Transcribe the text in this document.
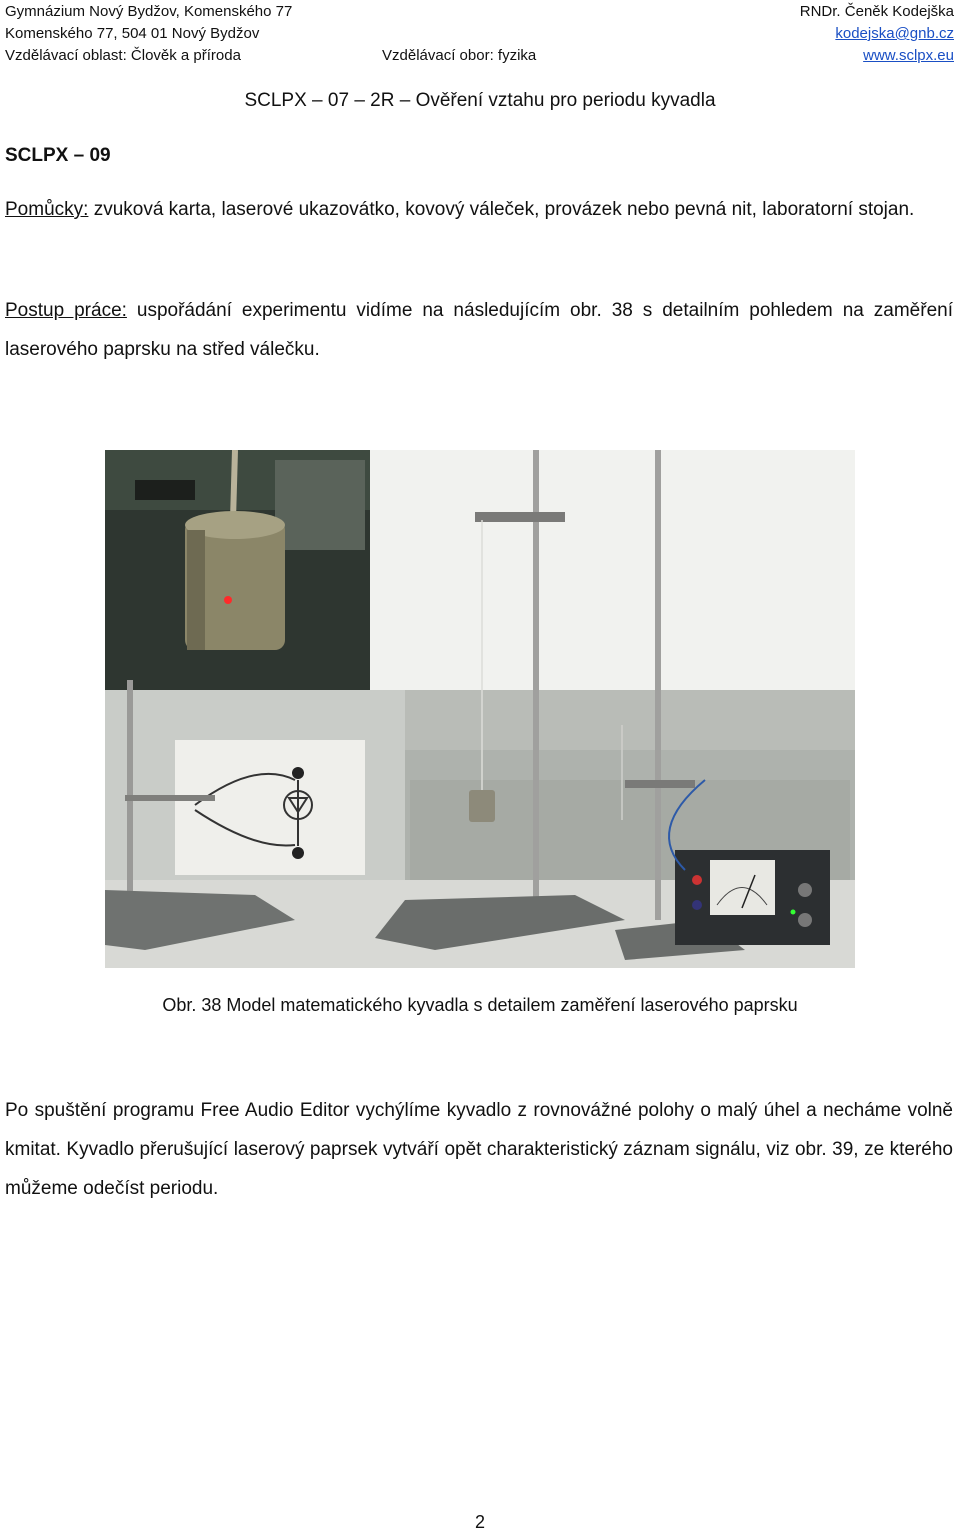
Gymnázium Nový Bydžov, Komenského 77
Komenského 77, 504 01 Nový Bydžov
Vzdělávací oblast: Člověk a příroda	Vzdělávací obor: fyzika
RNDr. Čeněk Kodejška
kodejska@gnb.cz
www.sclpx.eu
SCLPX – 07 – 2R – Ověření vztahu pro periodu kyvadla
SCLPX – 09
Pomůcky: zvuková karta, laserové ukazovátko, kovový váleček, provázek nebo pevná nit, laboratorní stojan.
Postup práce: uspořádání experimentu vidíme na následujícím obr. 38 s detailním pohledem na zaměření laserového paprsku na střed válečku.
Obr. 38 Model matematického kyvadla s detailem zaměření laserového paprsku
Po spuštění programu Free Audio Editor vychýlíme kyvadlo z rovnovážné polohy o malý úhel a necháme volně kmitat. Kyvadlo přerušující laserový paprsek vytváří opět charakteristický záznam signálu, viz obr. 39, ze kterého můžeme odečíst periodu.
2
